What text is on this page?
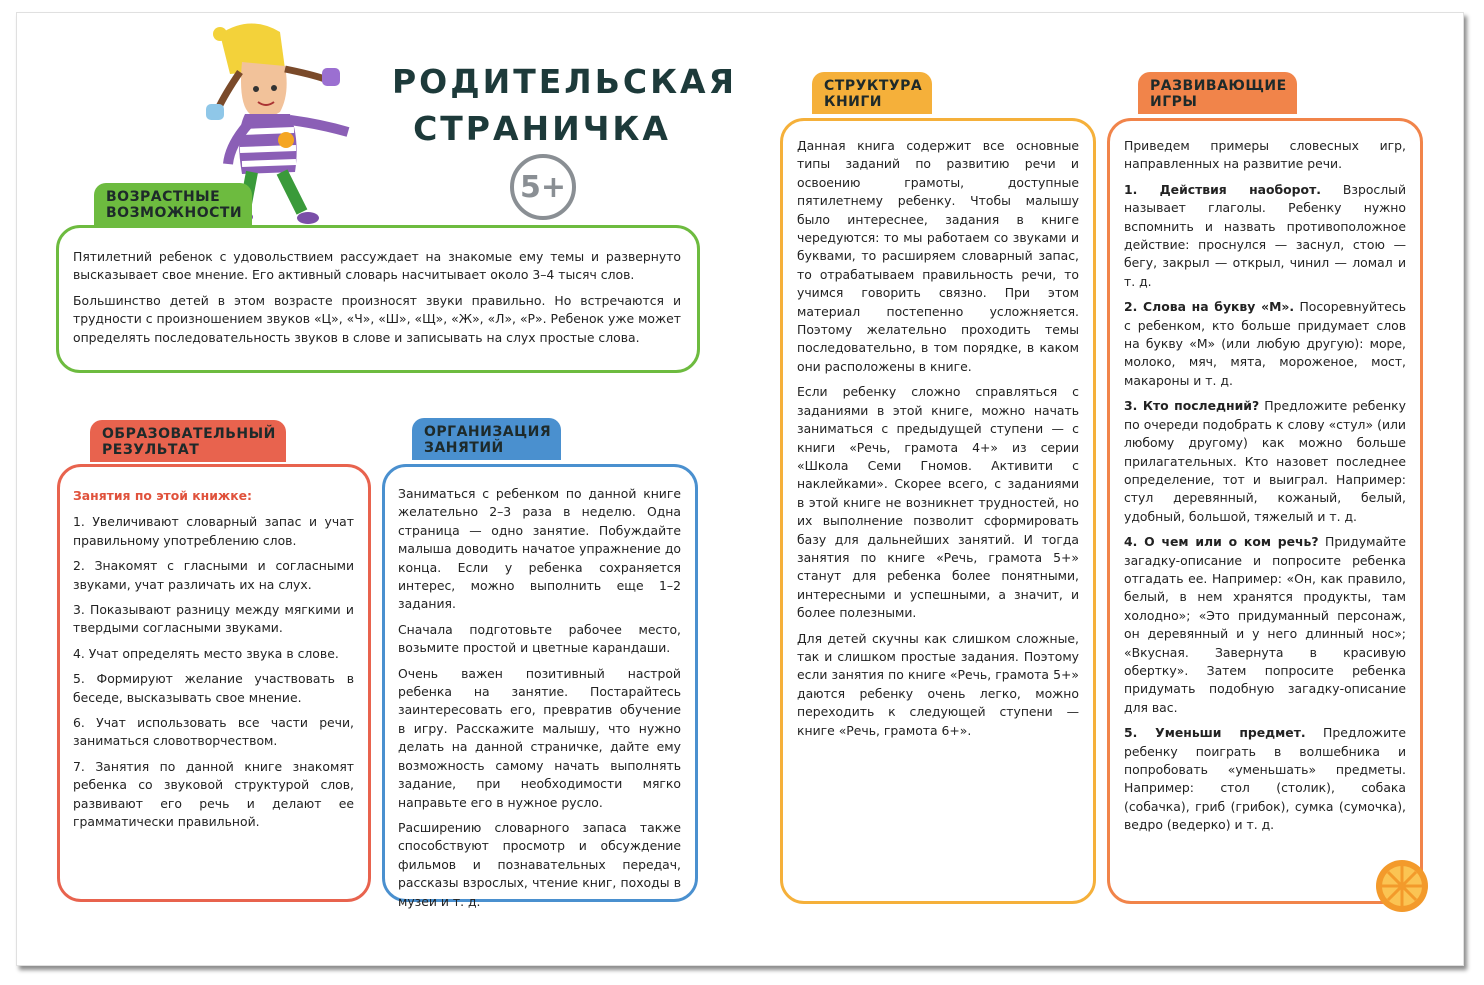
РОДИТЕЛЬСКАЯ
СТРАНИЧКА
5+
ВОЗРАСТНЫЕ
ВОЗМОЖНОСТИ

Пятилетний ребенок с удовольствием рассуждает на знакомые ему темы и развернуто высказывает свое мнение. Его активный словарь насчитывает около 3–4 тысяч слов.

Большинство детей в этом возрасте произносят звуки правильно. Но встречаются и трудности с произношением звуков «Ц», «Ч», «Ш», «Щ», «Ж», «Л», «Р». Ребенок уже может определять последовательность звуков в слове и записывать на слух простые слова.

ОБРАЗОВАТЕЛЬНЫЙ
РЕЗУЛЬТАТ

Занятия по этой книжке:

1. Увеличивают словарный запас и учат правильному употреблению слов.

2. Знакомят с гласными и согласными звуками, учат различать их на слух.

3. Показывают разницу между мягкими и твердыми согласными звуками.

4. Учат определять место звука в слове.

5. Формируют желание участвовать в беседе, высказывать свое мнение.

6. Учат использовать все части речи, заниматься словотворчеством.

7. Занятия по данной книге знакомят ребенка со звуковой структурой слов, развивают его речь и делают ее грамматически правильной.

ОРГАНИЗАЦИЯ
ЗАНЯТИЙ

Заниматься с ребенком по данной книге желательно 2–3 раза в неделю. Одна страница — одно занятие. Побуждайте малыша доводить начатое упражнение до конца. Если у ребенка сохраняется интерес, можно выполнить еще 1–2 задания.

Сначала подготовьте рабочее место, возьмите простой и цветные карандаши.

Очень важен позитивный настрой ребенка на занятие. Постарайтесь заинтересовать его, превратив обучение в игру. Расскажите малышу, что нужно делать на данной страничке, дайте ему возможность самому начать выполнять задание, при необходимости мягко направьте его в нужное русло.

Расширению словарного запаса также способствуют просмотр и обсуждение фильмов и познавательных передач, рассказы взрослых, чтение книг, походы в музеи и т. д.

СТРУКТУРА
КНИГИ

Данная книга содержит все основные типы заданий по развитию речи и освоению грамоты, доступные пятилетнему ребенку. Чтобы малышу было интереснее, задания в книге чередуются: то мы работаем со звуками и буквами, то расширяем словарный запас, то отрабатываем правильность речи, то учимся говорить связно. При этом материал постепенно усложняется. Поэтому желательно проходить темы последовательно, в том порядке, в каком они расположены в книге.

Если ребенку сложно справляться с заданиями в этой книге, можно начать заниматься с предыдущей ступени — с книги «Речь, грамота 4+» из серии «Школа Семи Гномов. Активити с наклейками». Скорее всего, с заданиями в этой книге не возникнет трудностей, но их выполнение позволит сформировать базу для дальнейших занятий. И тогда занятия по книге «Речь, грамота 5+» станут для ребенка более понятными, интересными и успешными, а значит, и более полезными.

Для детей скучны как слишком сложные, так и слишком простые задания. Поэтому если занятия по книге «Речь, грамота 5+» даются ребенку очень легко, можно переходить к следующей ступени — книге «Речь, грамота 6+».

РАЗВИВАЮЩИЕ
ИГРЫ

Приведем примеры словесных игр, направленных на развитие речи.

1. Действия наоборот. Взрослый называет глаголы. Ребенку нужно вспомнить и назвать противоположное действие: проснулся — заснул, стою — бегу, закрыл — открыл, чинил — ломал и т. д.

2. Слова на букву «М». Посоревнуйтесь с ребенком, кто больше придумает слов на букву «М» (или любую другую): море, молоко, мяч, мята, мороженое, мост, макароны и т. д.

3. Кто последний? Предложите ребенку по очереди подобрать к слову «стул» (или любому другому) как можно больше прилагательных. Кто назовет последнее определение, тот и выиграл. Например: стул деревянный, кожаный, белый, удобный, большой, тяжелый и т. д.

4. О чем или о ком речь? Придумайте загадку-описание и попросите ребенка отгадать ее. Например: «Он, как правило, белый, в нем хранятся продукты, там холодно»; «Это придуманный персонаж, он деревянный и у него длинный нос»; «Вкусная. Завернута в красивую обертку». Затем попросите ребенка придумать подобную загадку-описание для вас.

5. Уменьши предмет. Предложите ребенку поиграть в волшебника и попробовать «уменьшать» предметы. Например: стол (столик), собака (собачка), гриб (грибок), сумка (сумочка), ведро (ведерко) и т. д.
